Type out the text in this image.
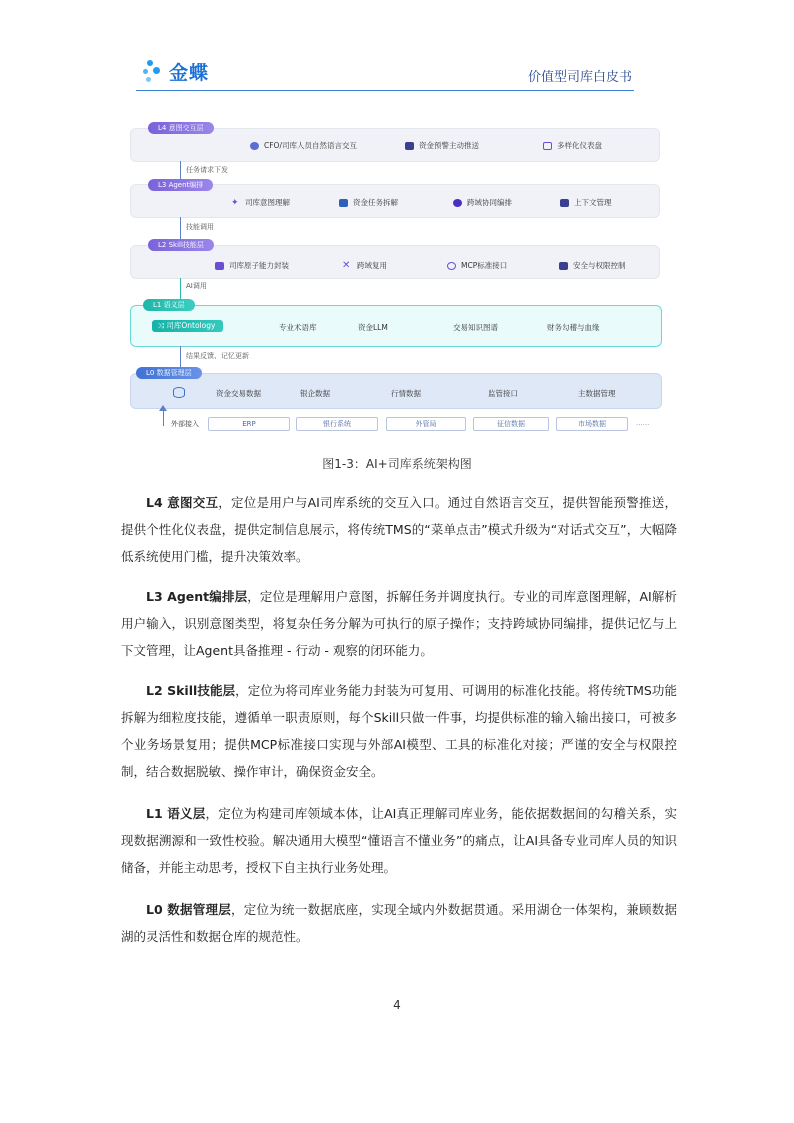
金蝶	价值型司库白皮书
L4 意图交互层
CFO/司库人员自然语言交互	资金预警主动推送	多样化仪表盘
任务请求下发
L3 Agent编排
✦ 司库意图理解	资金任务拆解	跨域协同编排	上下文管理
技能调用
L2 Skill技能层
司库原子能力封装	✕ 跨域复用	MCP标准接口	安全与权限控制
AI调用
L1 语义层
⤨ 司库Ontology	专业术语库	资金LLM	交易知识图谱	财务勾稽与血缘
结果反馈、记忆更新
L0 数据管理层
资金交易数据	银企数据	行情数据	监管接口	主数据管理
外部接入	ERP	银行系统	外管局	征信数据	市场数据	......
图1-3：AI+司库系统架构图

L4 意图交互，定位是用户与AI司库系统的交互入口。通过自然语言交互，提供智能预警推送，提供个性化仪表盘，提供定制信息展示，将传统TMS的“菜单点击”模式升级为“对话式交互”，大幅降低系统使用门槛，提升决策效率。

L3 Agent编排层，定位是理解用户意图，拆解任务并调度执行。专业的司库意图理解，AI解析用户输入，识别意图类型，将复杂任务分解为可执行的原子操作；支持跨域协同编排，提供记忆与上下文管理，让Agent具备推理 - 行动 - 观察的闭环能力。

L2 Skill技能层，定位为将司库业务能力封装为可复用、可调用的标准化技能。将传统TMS功能拆解为细粒度技能，遵循单一职责原则，每个Skill只做一件事，均提供标准的输入输出接口，可被多个业务场景复用；提供MCP标准接口实现与外部AI模型、工具的标准化对接；严谨的安全与权限控制，结合数据脱敏、操作审计，确保资金安全。

L1 语义层，定位为构建司库领域本体，让AI真正理解司库业务，能依据数据间的勾稽关系，实现数据溯源和一致性校验。解决通用大模型“懂语言不懂业务”的痛点，让AI具备专业司库人员的知识储备，并能主动思考，授权下自主执行业务处理。

L0 数据管理层，定位为统一数据底座，实现全域内外数据贯通。采用湖仓一体架构，兼顾数据湖的灵活性和数据仓库的规范性。

4
